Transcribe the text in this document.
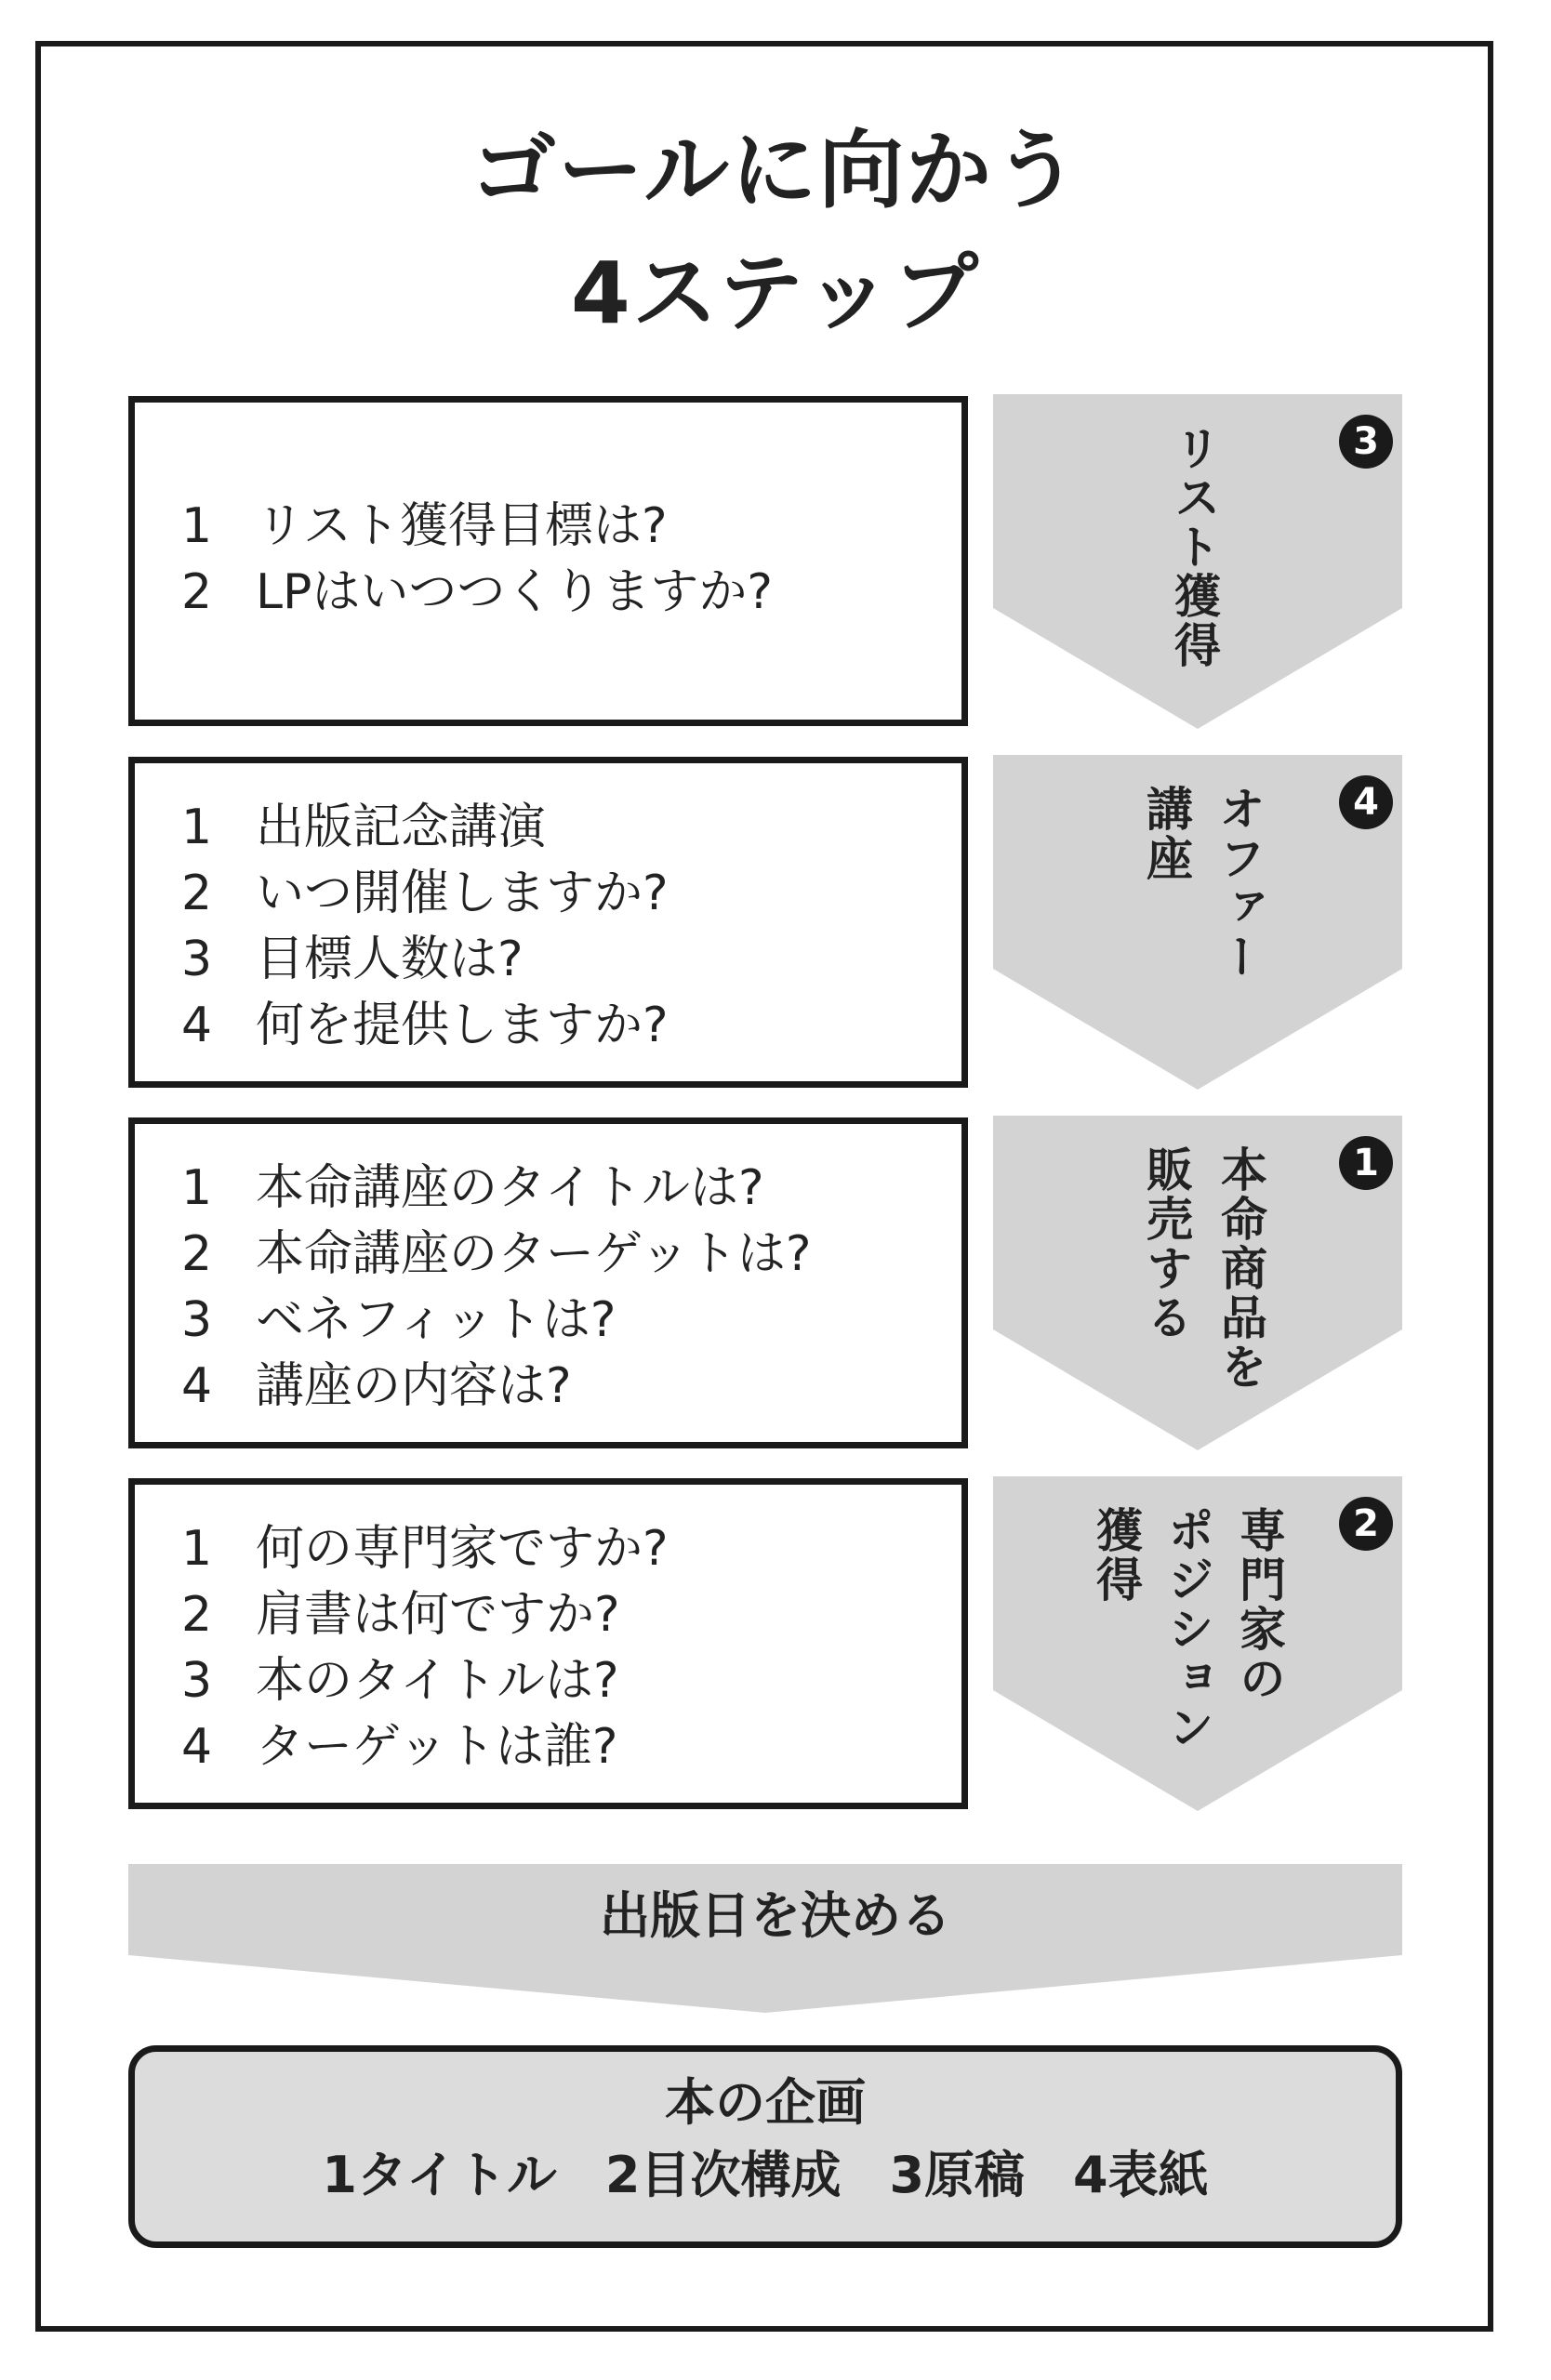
ゴールに向かう
4ステップ
1 リスト獲得目標は?
2 LPはいつつくりますか?
3
リスト獲得
1 出版記念講演
2 いつ開催しますか?
3 目標人数は?
4 何を提供しますか?
4
オファー
講座
1 本命講座のタイトルは?
2 本命講座のターゲットは?
3 ベネフィットは?
4 講座の内容は?
1
本命商品を
販売する
1 何の専門家ですか?
2 肩書は何ですか?
3 本のタイトルは?
4 ターゲットは誰?
2
専門家の
ポジション
獲得
出版日を決める
本の企画
1タイトル 2目次構成 3原稿 4表紙
